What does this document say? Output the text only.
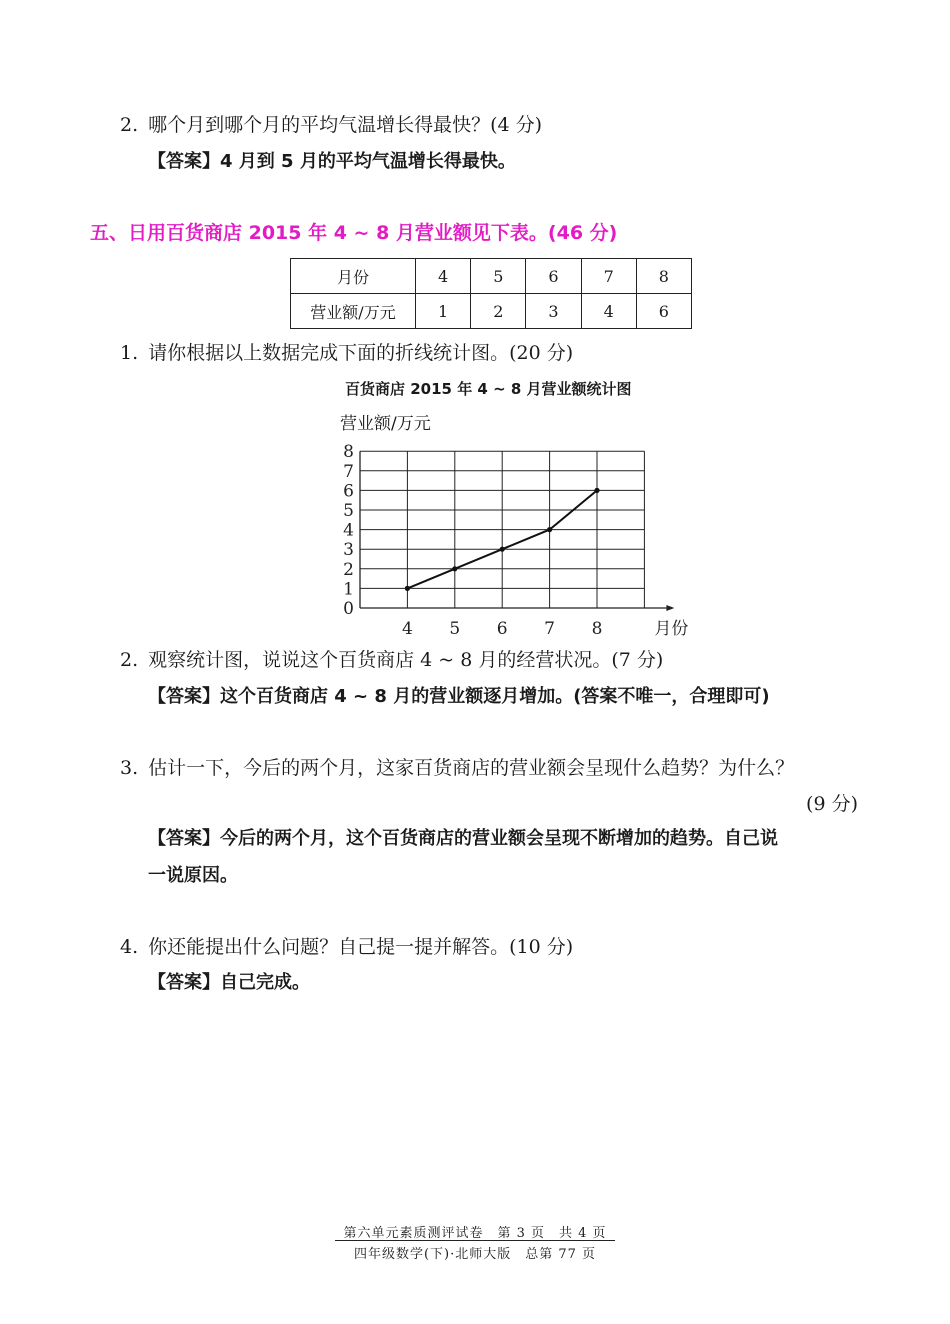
2. 哪个月到哪个月的平均气温增长得最快？(4 分)
【答案】4 月到 5 月的平均气温增长得最快。
五、日用百货商店 2015 年 4 ~ 8 月营业额见下表。(46 分)
月份	4	5	6	7	8
营业额/万元	1	2	3	4	6
1. 请你根据以上数据完成下面的折线统计图。(20 分)
百货商店 2015 年 4 ~ 8 月营业额统计图
营业额/万元
0
1
2
3
4
5
6
7
8
4 5 6 7 8	月份
2. 观察统计图，说说这个百货商店 4 ~ 8 月的经营状况。(7 分)
【答案】这个百货商店 4 ~ 8 月的营业额逐月增加。(答案不唯一，合理即可)
3. 估计一下，今后的两个月，这家百货商店的营业额会呈现什么趋势？为什么？
(9 分)
【答案】今后的两个月，这个百货商店的营业额会呈现不断增加的趋势。自己说
一说原因。
4. 你还能提出什么问题？自己提一提并解答。(10 分)
【答案】自己完成。
第六单元素质测评试卷　第 3 页　共 4 页
四年级数学(下)·北师大版　总第 77 页
